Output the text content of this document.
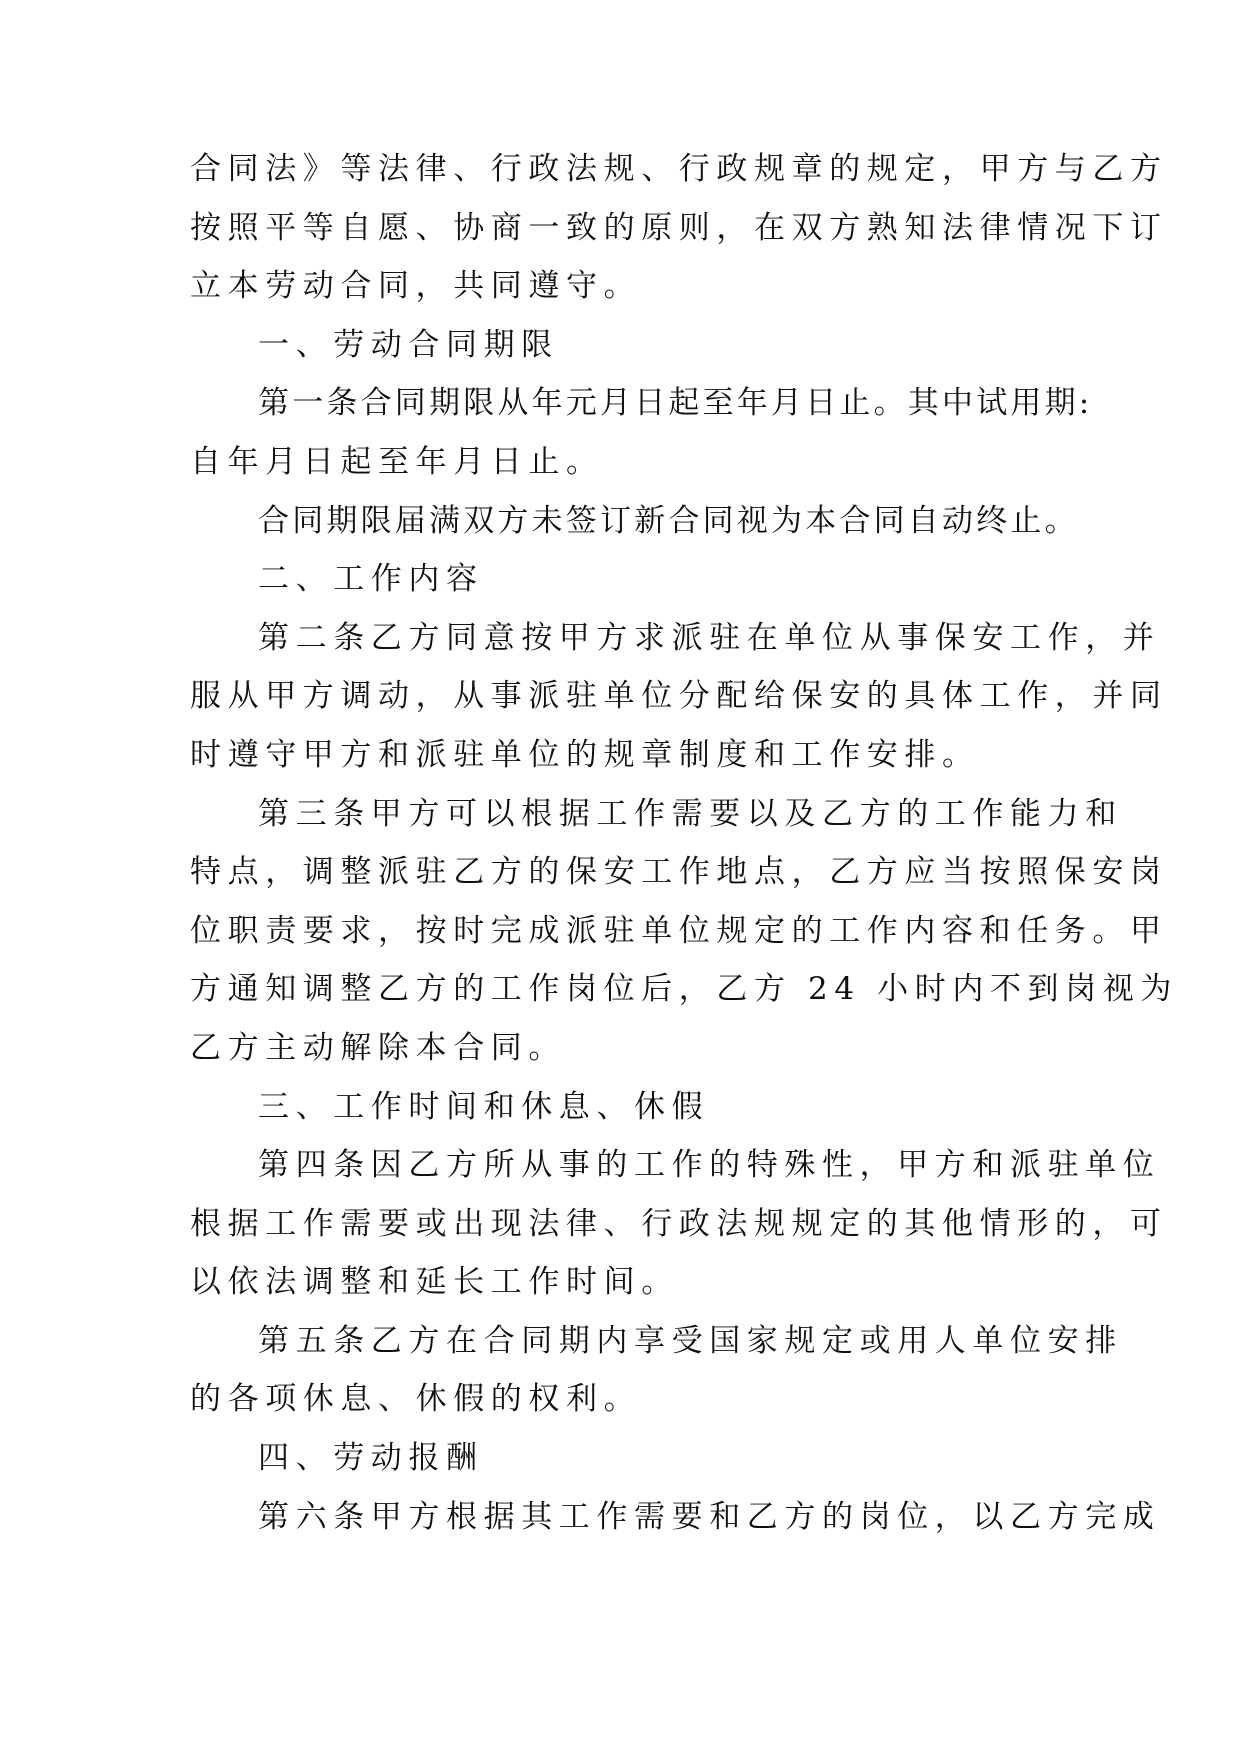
合同法》等法律、行政法规、行政规章的规定，甲方与乙方
按照平等自愿、协商一致的原则，在双方熟知法律情况下订
立本劳动合同，共同遵守。
一、劳动合同期限
第一条合同期限从年元月日起至年月日止。其中试用期:
自年月日起至年月日止。
合同期限届满双方未签订新合同视为本合同自动终止。
二、工作内容
第二条乙方同意按甲方求派驻在单位从事保安工作，并
服从甲方调动，从事派驻单位分配给保安的具体工作，并同
时遵守甲方和派驻单位的规章制度和工作安排。
第三条甲方可以根据工作需要以及乙方的工作能力和
特点，调整派驻乙方的保安工作地点，乙方应当按照保安岗
位职责要求，按时完成派驻单位规定的工作内容和任务。甲
方通知调整乙方的工作岗位后，乙方 24 小时内不到岗视为
乙方主动解除本合同。
三、工作时间和休息、休假
第四条因乙方所从事的工作的特殊性，甲方和派驻单位
根据工作需要或出现法律、行政法规规定的其他情形的，可
以依法调整和延长工作时间。
第五条乙方在合同期内享受国家规定或用人单位安排
的各项休息、休假的权利。
四、劳动报酬
第六条甲方根据其工作需要和乙方的岗位，以乙方完成
